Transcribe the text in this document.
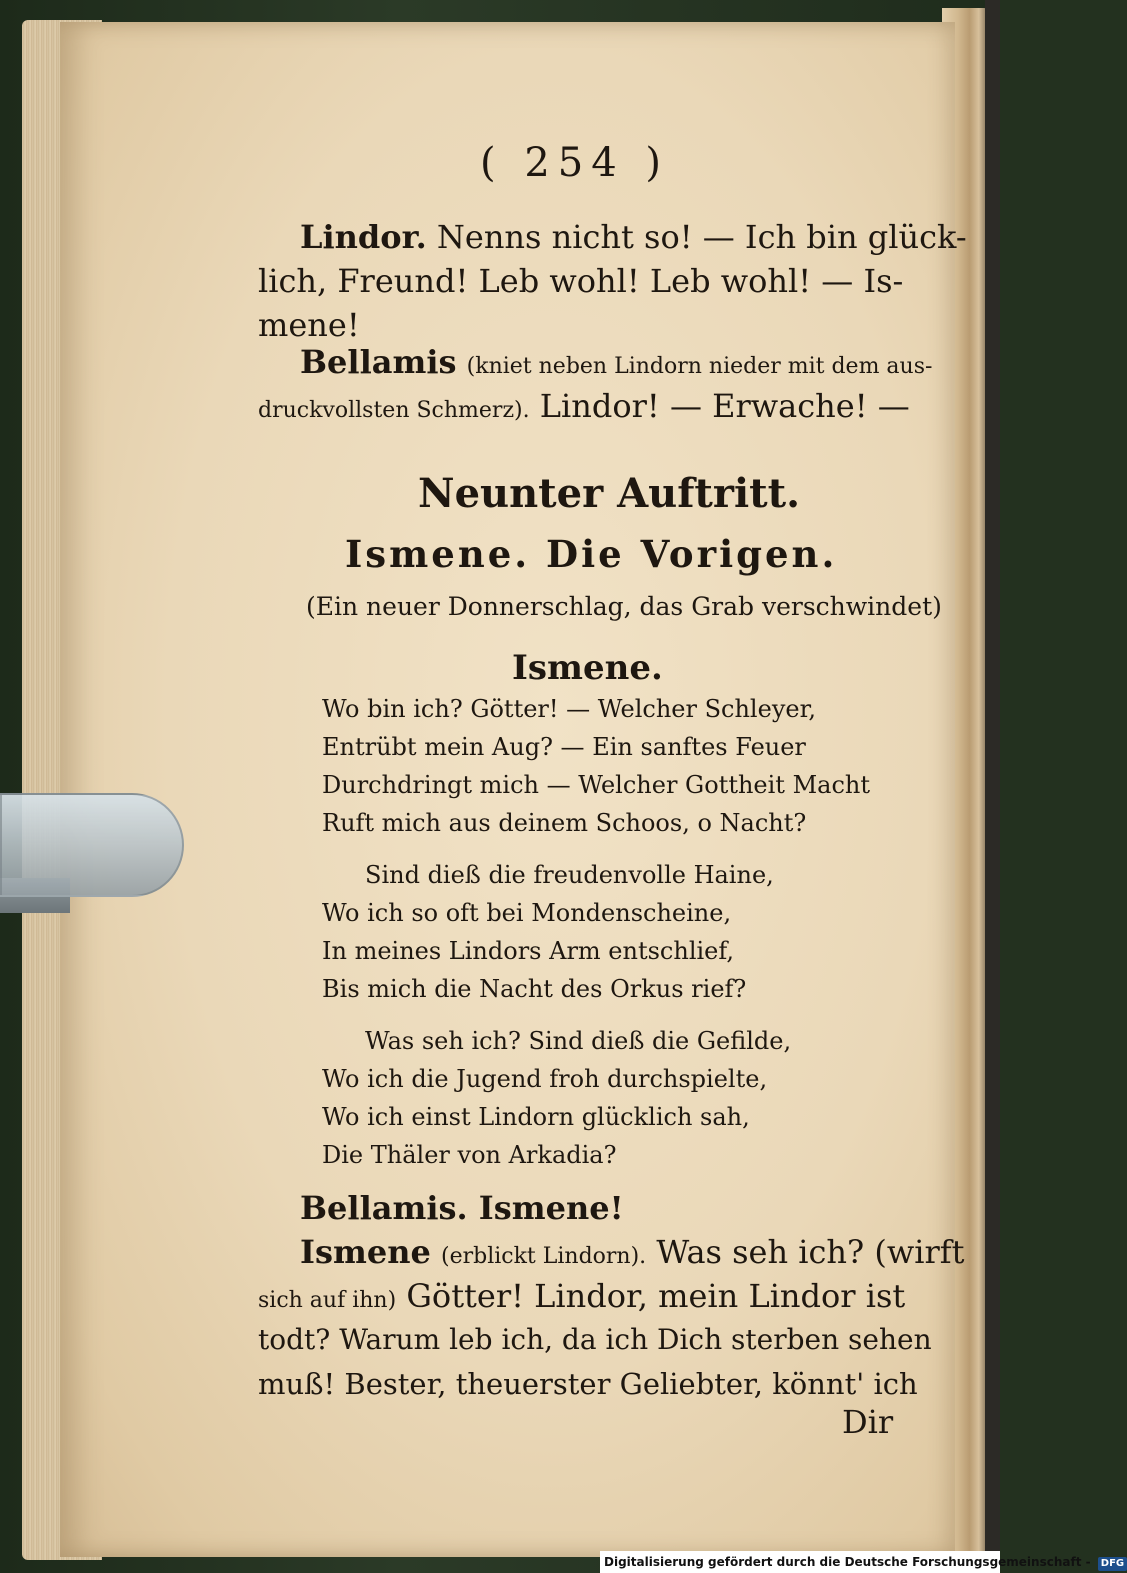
( 254 )
Lindor. Nenns nicht so! — Ich bin glück-
lich, Freund! Leb wohl! Leb wohl! — Is-
mene!
Bellamis (kniet neben Lindorn nieder mit dem aus-
druckvollsten Schmerz). Lindor! — Erwache! —
Neunter Auftritt.
Ismene. Die Vorigen.
(Ein neuer Donnerschlag, das Grab verschwindet)
Ismene.
Wo bin ich? Götter! — Welcher Schleyer,
Entrübt mein Aug? — Ein sanftes Feuer
Durchdringt mich — Welcher Gottheit Macht
Ruft mich aus deinem Schoos, o Nacht?
Sind dieß die freudenvolle Haine,
Wo ich so oft bei Mondenscheine,
In meines Lindors Arm entschlief,
Bis mich die Nacht des Orkus rief?
Was seh ich? Sind dieß die Gefilde,
Wo ich die Jugend froh durchspielte,
Wo ich einst Lindorn glücklich sah,
Die Thäler von Arkadia?
Bellamis. Ismene!
Ismene (erblickt Lindorn). Was seh ich? (wirft
sich auf ihn) Götter! Lindor, mein Lindor ist
todt? Warum leb ich, da ich Dich sterben sehen
muß! Bester, theuerster Geliebter, könnt' ich
Dir
Digitalisierung gefördert durch die Deutsche Forschungsgemeinschaft - DFG
